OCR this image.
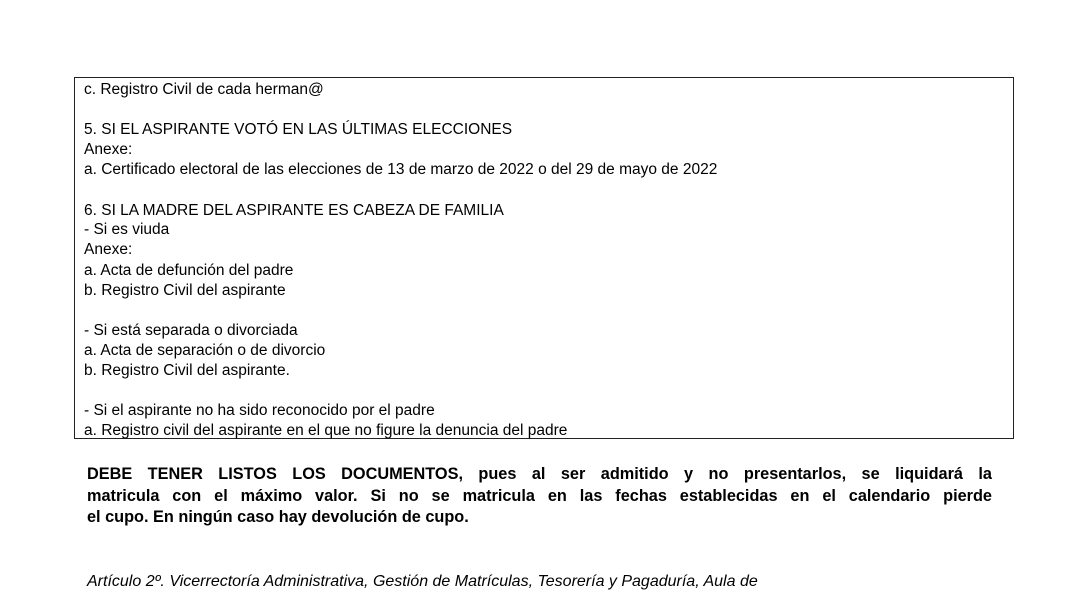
c. Registro Civil de cada herman@
5. SI EL ASPIRANTE VOTÓ EN LAS ÚLTIMAS ELECCIONES
Anexe:
a. Certificado electoral de las elecciones de 13 de marzo de 2022 o del 29 de mayo de 2022
6. SI LA MADRE DEL ASPIRANTE ES CABEZA DE FAMILIA
- Si es viuda
Anexe:
a. Acta de defunción del padre
b. Registro Civil del aspirante
- Si está separada o divorciada
a. Acta de separación o de divorcio
b. Registro Civil del aspirante.
- Si el aspirante no ha sido reconocido por el padre
a. Registro civil del aspirante en el que no figure la denuncia del padre
DEBE TENER LISTOS LOS DOCUMENTOS, pues al ser admitido y no presentarlos, se liquidará la
matricula con el máximo valor. Si no se matricula en las fechas establecidas en el calendario pierde
el cupo. En ningún caso hay devolución de cupo.
Artículo 2º. Vicerrectoría Administrativa, Gestión de Matrículas, Tesorería y Pagaduría, Aula de
